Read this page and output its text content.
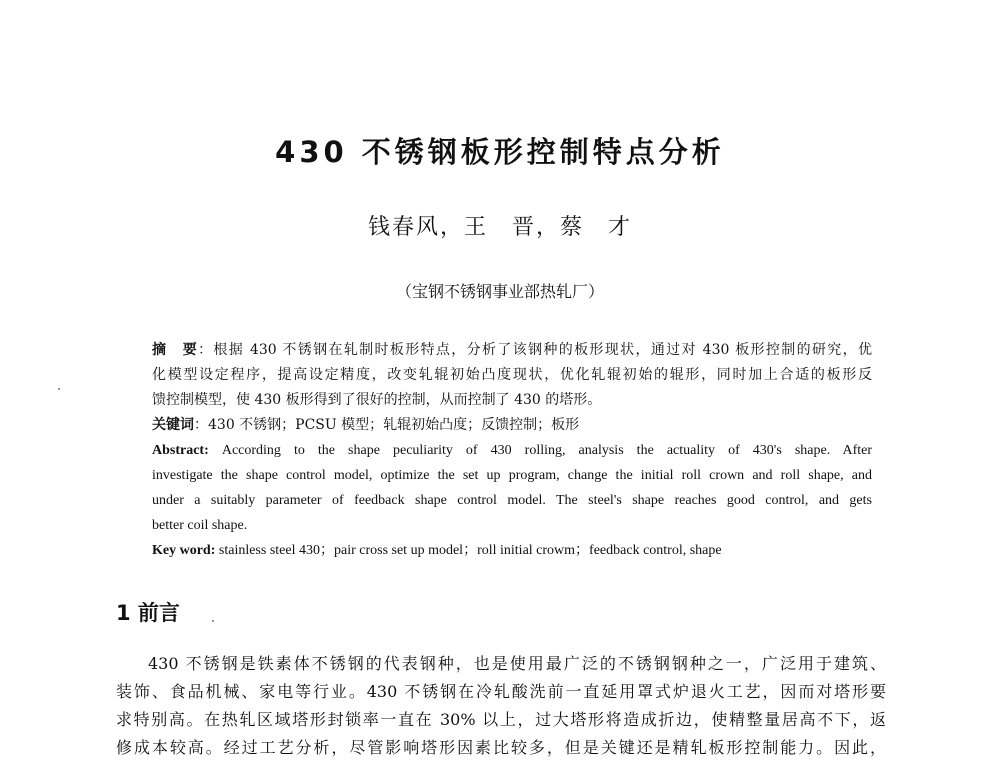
430 不锈钢板形控制特点分析
钱春风，王　晋，蔡　才
（宝钢不锈钢事业部热轧厂）
摘　要：根据 430 不锈钢在轧制时板形特点，分析了该钢种的板形现状，通过对 430 板形控制的研究，优
化模型设定程序，提高设定精度，改变轧辊初始凸度现状，优化轧辊初始的辊形，同时加上合适的板形反
馈控制模型，使 430 板形得到了很好的控制，从而控制了 430 的塔形。
关键词：430 不锈钢；PCSU 模型；轧辊初始凸度；反馈控制；板形
Abstract: According to the shape peculiarity of 430 rolling, analysis the actuality of 430's shape. After
investigate the shape control model, optimize the set up program, change the initial roll crown and roll shape, and
under a suitably parameter of feedback shape control model. The steel's shape reaches good control, and gets
better coil shape.
Key word: stainless steel 430；pair cross set up model；roll initial crowm；feedback control, shape
1 前言
430 不锈钢是铁素体不锈钢的代表钢种，也是使用最广泛的不锈钢钢种之一，广泛用于建筑、
装饰、食品机械、家电等行业。430 不锈钢在冷轧酸洗前一直延用罩式炉退火工艺，因而对塔形要
求特别高。在热轧区域塔形封锁率一直在 30% 以上，过大塔形将造成折边，使精整量居高不下，返
修成本较高。经过工艺分析，尽管影响塔形因素比较多，但是关键还是精轧板形控制能力。因此，
